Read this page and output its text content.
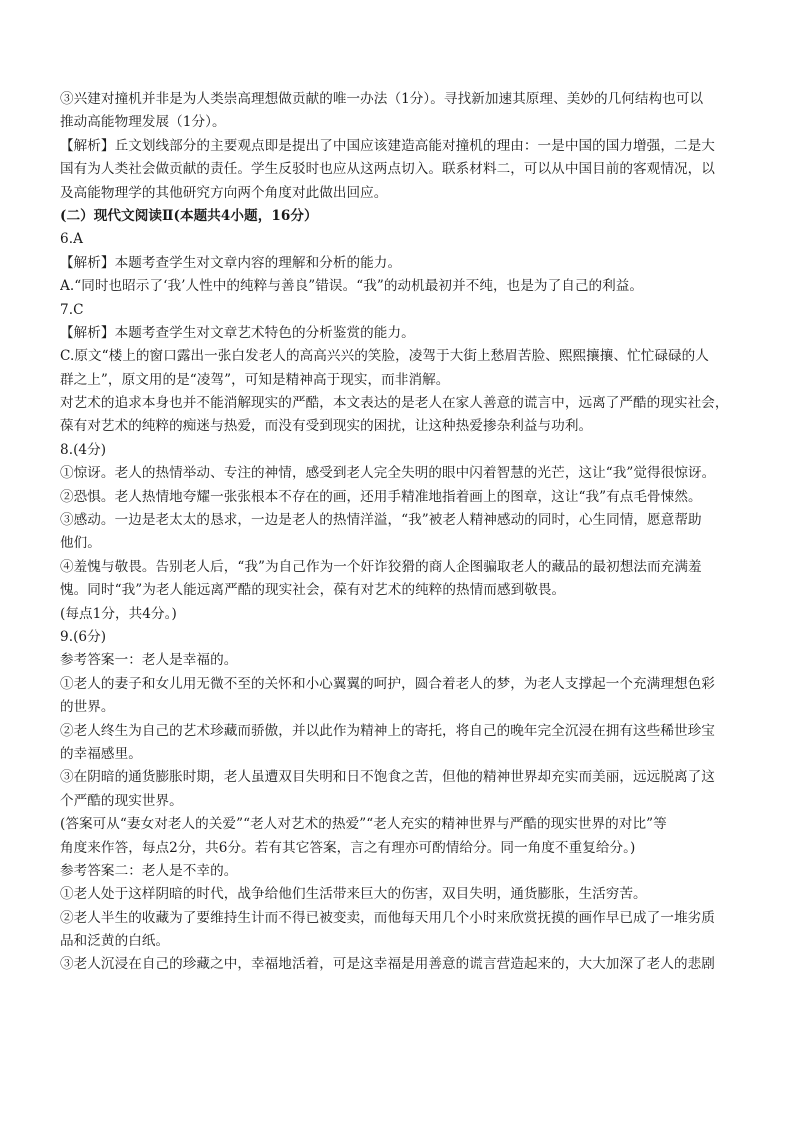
③兴建对撞机并非是为人类崇高理想做贡献的唯一办法（1分）。寻找新加速其原理、美妙的几何结构也可以
推动高能物理发展（1分）。
【解析】丘文划线部分的主要观点即是提出了中国应该建造高能对撞机的理由：一是中国的国力增强，二是大
国有为人类社会做贡献的责任。学生反驳时也应从这两点切入。联系材料二，可以从中国目前的客观情况，以
及高能物理学的其他研究方向两个角度对此做出回应。
(二）现代文阅读Ⅱ(本题共4小题，16分）
6.A
【解析】本题考查学生对文章内容的理解和分析的能力。
A.“同时也昭示了‘我’人性中的纯粹与善良”错误。“我”的动机最初并不纯，也是为了自己的利益。
7.C
【解析】本题考查学生对文章艺术特色的分析鉴赏的能力。
C.原文“楼上的窗口露出一张白发老人的高高兴兴的笑脸，凌驾于大街上愁眉苦脸、熙熙攘攘、忙忙碌碌的人
群之上”，原文用的是“凌驾”，可知是精神高于现实，而非消解。
对艺术的追求本身也并不能消解现实的严酷，本文表达的是老人在家人善意的谎言中，远离了严酷的现实社会，
葆有对艺术的纯粹的痴迷与热爱，而没有受到现实的困扰，让这种热爱掺杂利益与功利。
8.(4分)
①惊讶。老人的热情举动、专注的神情，感受到老人完全失明的眼中闪着智慧的光芒，这让“我”觉得很惊讶。
②恐惧。老人热情地夸耀一张张根本不存在的画，还用手精准地指着画上的图章，这让“我”有点毛骨悚然。
③感动。一边是老太太的恳求，一边是老人的热情洋溢，“我”被老人精神感动的同时，心生同情，愿意帮助
他们。
④羞愧与敬畏。告别老人后，“我”为自己作为一个奸诈狡猾的商人企图骗取老人的藏品的最初想法而充满羞
愧。同时“我”为老人能远离严酷的现实社会，葆有对艺术的纯粹的热情而感到敬畏。
(每点1分，共4分。)
9.(6分)
参考答案一：老人是幸福的。
①老人的妻子和女儿用无微不至的关怀和小心翼翼的呵护，圆合着老人的梦，为老人支撑起一个充满理想色彩
的世界。
②老人终生为自己的艺术珍藏而骄傲，并以此作为精神上的寄托，将自己的晚年完全沉浸在拥有这些稀世珍宝
的幸福感里。
③在阴暗的通货膨胀时期，老人虽遭双目失明和日不饱食之苦，但他的精神世界却充实而美丽，远远脱离了这
个严酷的现实世界。
(答案可从“妻女对老人的关爱”“老人对艺术的热爱”“老人充实的精神世界与严酷的现实世界的对比”等
角度来作答，每点2分，共6分。若有其它答案，言之有理亦可酌情给分。同一角度不重复给分。)
参考答案二：老人是不幸的。
①老人处于这样阴暗的时代，战争给他们生活带来巨大的伤害，双目失明，通货膨胀，生活穷苦。
②老人半生的收藏为了要维持生计而不得已被变卖，而他每天用几个小时来欣赏抚摸的画作早已成了一堆劣质
品和泛黄的白纸。
③老人沉浸在自己的珍藏之中，幸福地活着，可是这幸福是用善意的谎言营造起来的，大大加深了老人的悲剧
